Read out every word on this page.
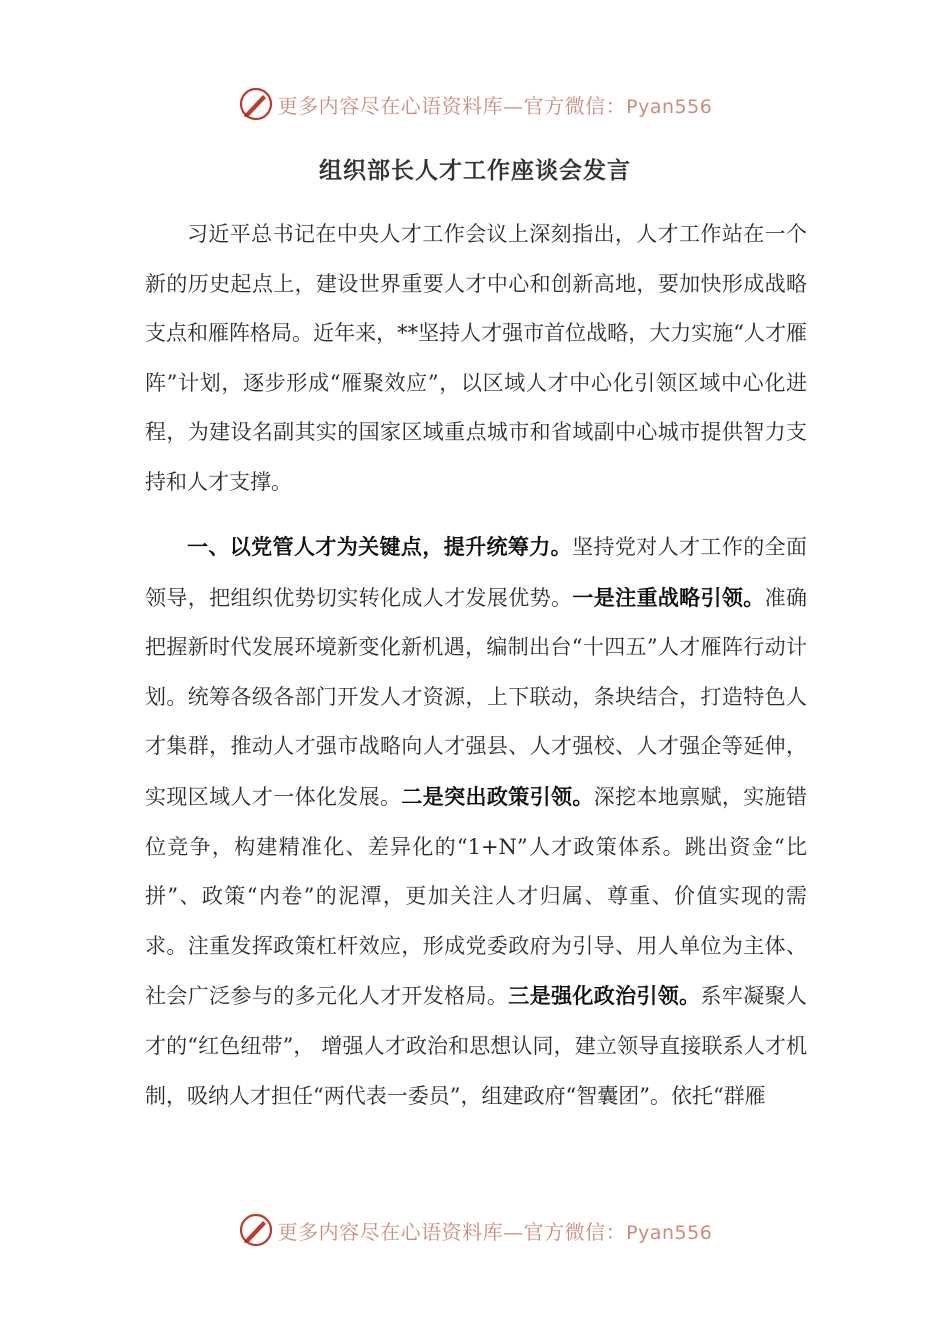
更多内容尽在心语资料库—官方微信：Pyan556
组织部长人才工作座谈会发言

习近平总书记在中央人才工作会议上深刻指出，人才工作站在一个新的历史起点上，建设世界重要人才中心和创新高地，要加快形成战略支点和雁阵格局。近年来，**坚持人才强市首位战略，大力实施“人才雁阵”计划，逐步形成“雁聚效应”，以区域人才中心化引领区域中心化进程，为建设名副其实的国家区域重点城市和省域副中心城市提供智力支持和人才支撑。

一、以党管人才为关键点，提升统筹力。坚持党对人才工作的全面领导，把组织优势切实转化成人才发展优势。一是注重战略引领。准确把握新时代发展环境新变化新机遇，编制出台“十四五”人才雁阵行动计划。统筹各级各部门开发人才资源，上下联动，条块结合，打造特色人才集群，推动人才强市战略向人才强县、人才强校、人才强企等延伸，实现区域人才一体化发展。二是突出政策引领。深挖本地禀赋，实施错位竞争，构建精准化、差异化的“1+N”人才政策体系。跳出资金“比拼”、政策“内卷”的泥潭，更加关注人才归属、尊重、价值实现的需求。注重发挥政策杠杆效应，形成党委政府为引导、用人单位为主体、社会广泛参与的多元化人才开发格局。三是强化政治引领。系牢凝聚人才的“红色纽带”， 增强人才政治和思想认同，建立领导直接联系人才机制，吸纳人才担任“两代表一委员”，组建政府“智囊团”。依托“群雁

更多内容尽在心语资料库—官方微信：Pyan556
